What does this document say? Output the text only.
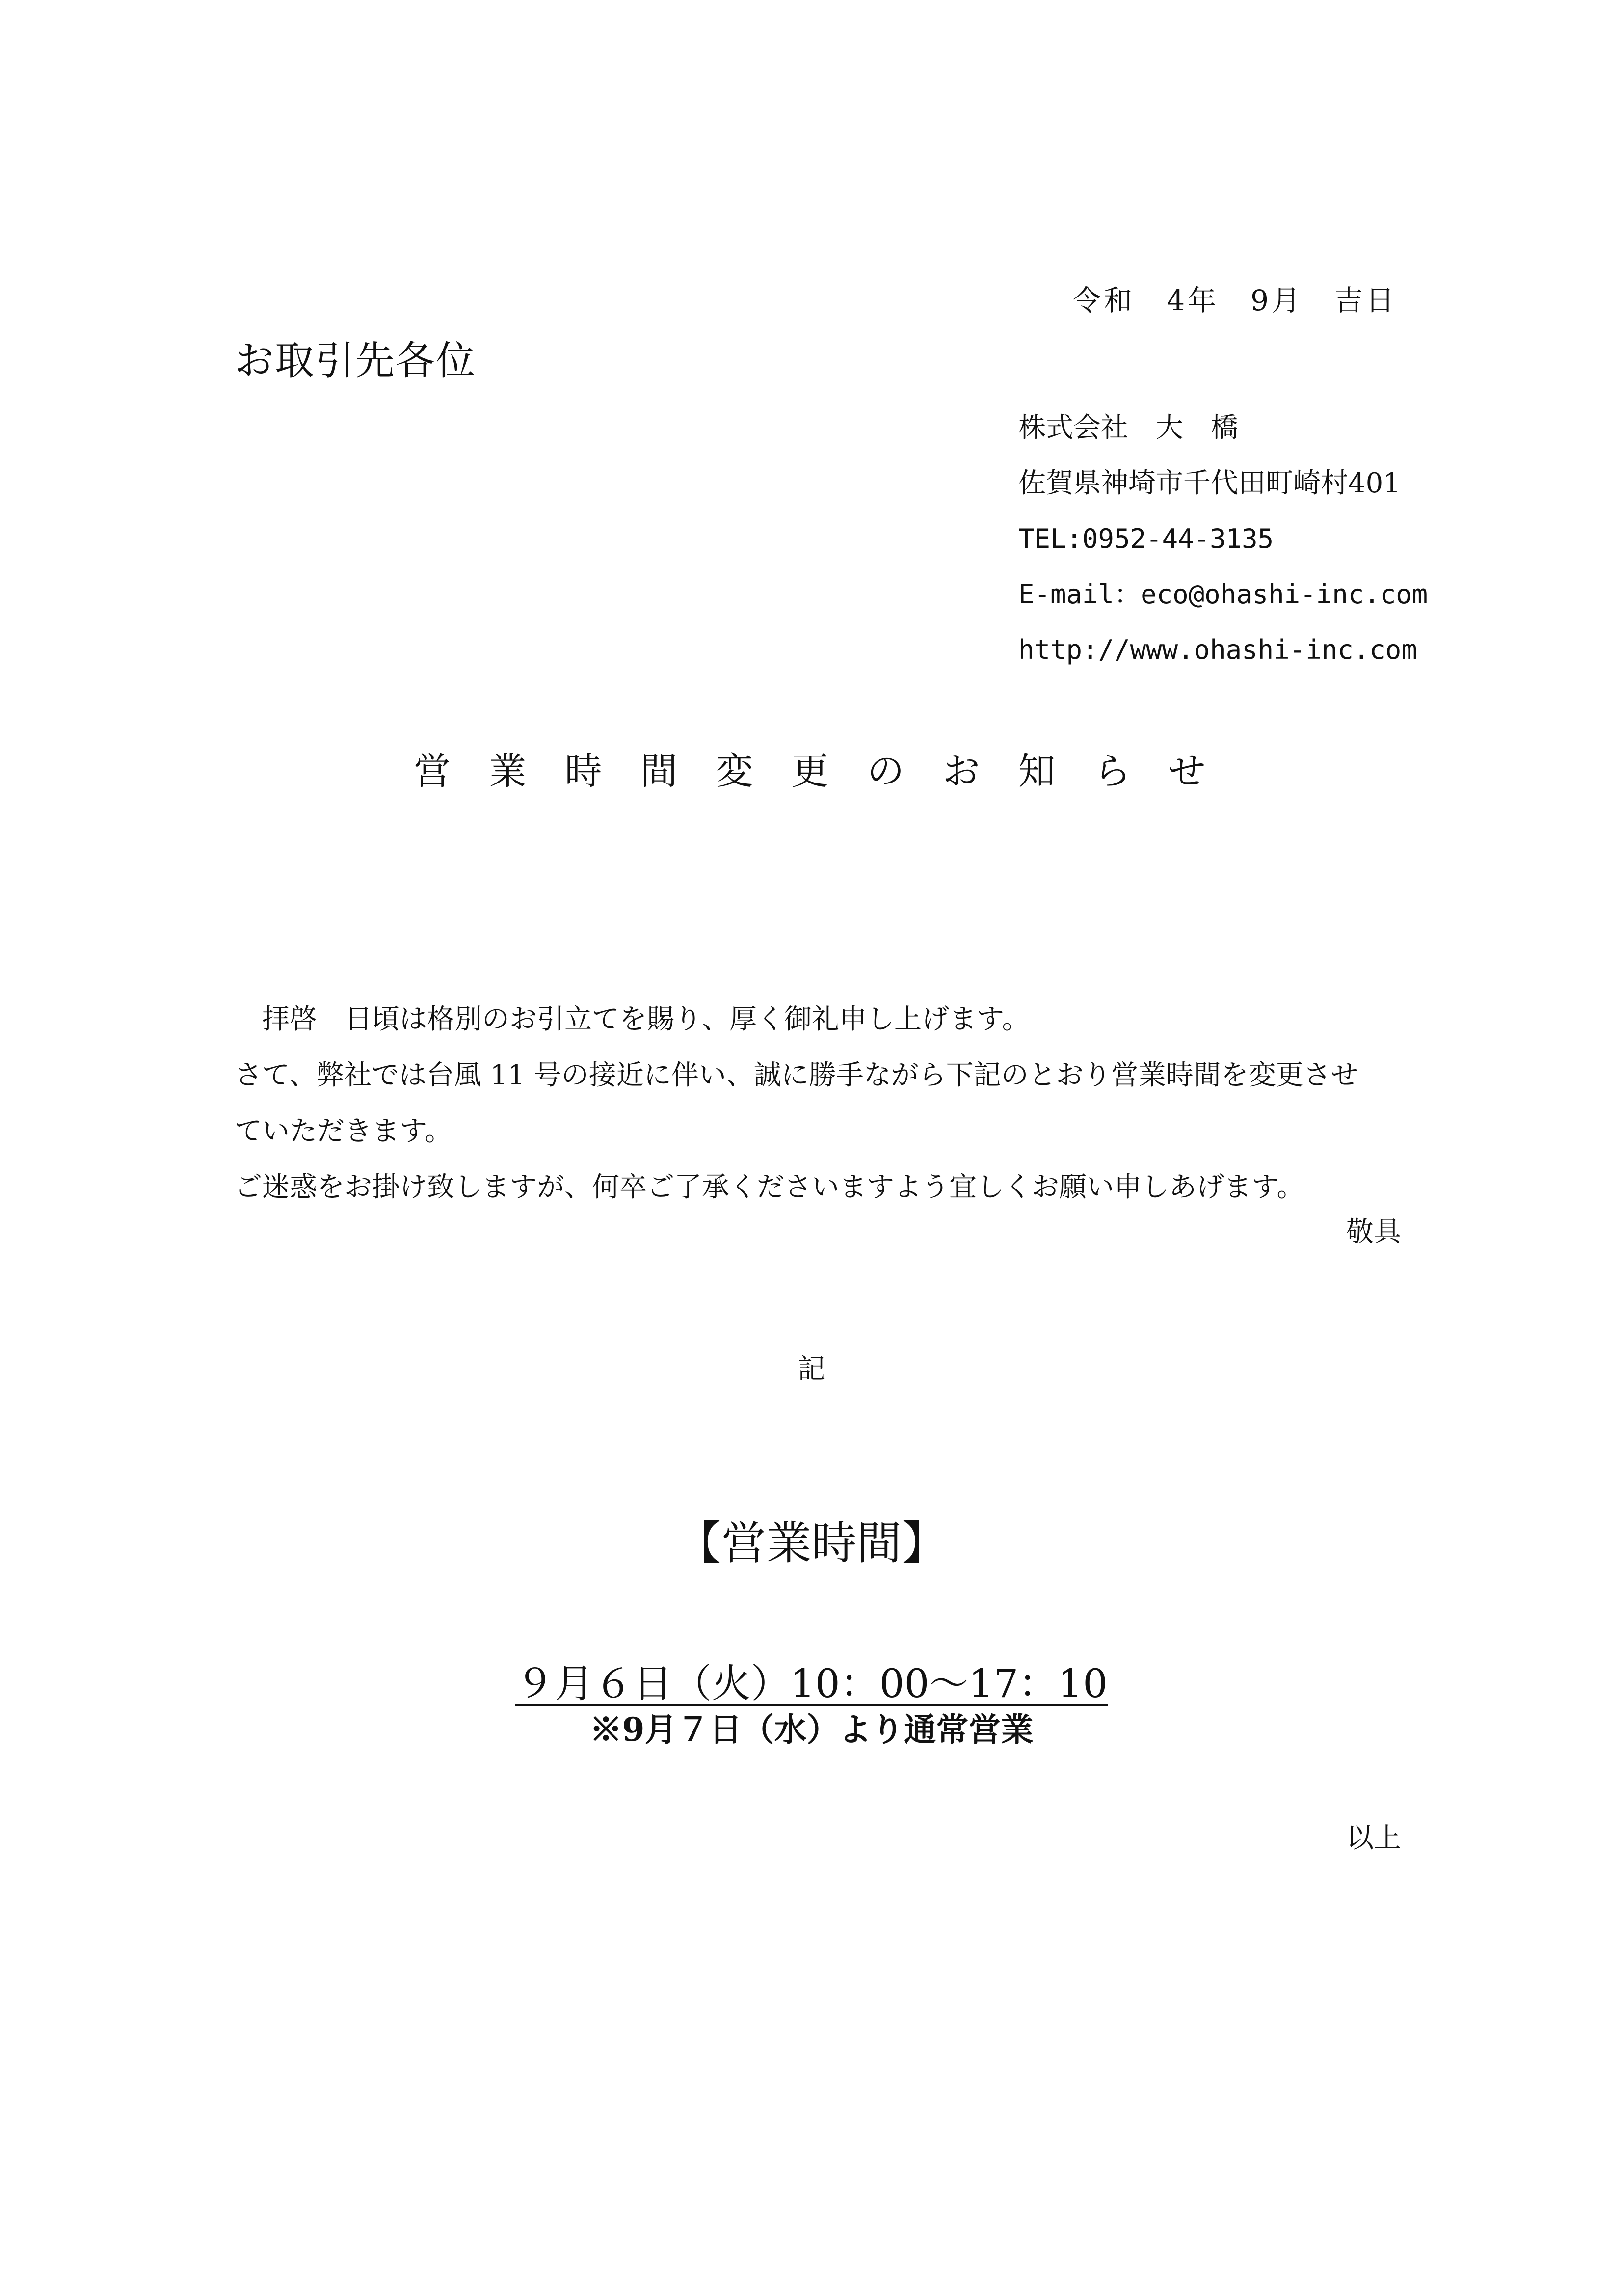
令和　4年　9月　吉日
お取引先各位
株式会社　大　橋
佐賀県神埼市千代田町崎村401
TEL:0952-44-3135
E-mail：eco@ohashi-inc.com
http://www.ohashi-inc.com
営業時間変更のお知らせ

　拝啓　日頃は格別のお引立てを賜り、厚く御礼申し上げます。

さて、弊社では台風 11 号の接近に伴い、誠に勝手ながら下記のとおり営業時間を変更させ

ていただきます。

ご迷惑をお掛け致しますが、何卒ご了承くださいますよう宜しくお願い申しあげます。

敬具
記
【営業時間】
９月６日（火）10：00～17：10
※9月７日（水）より通常営業
以上
